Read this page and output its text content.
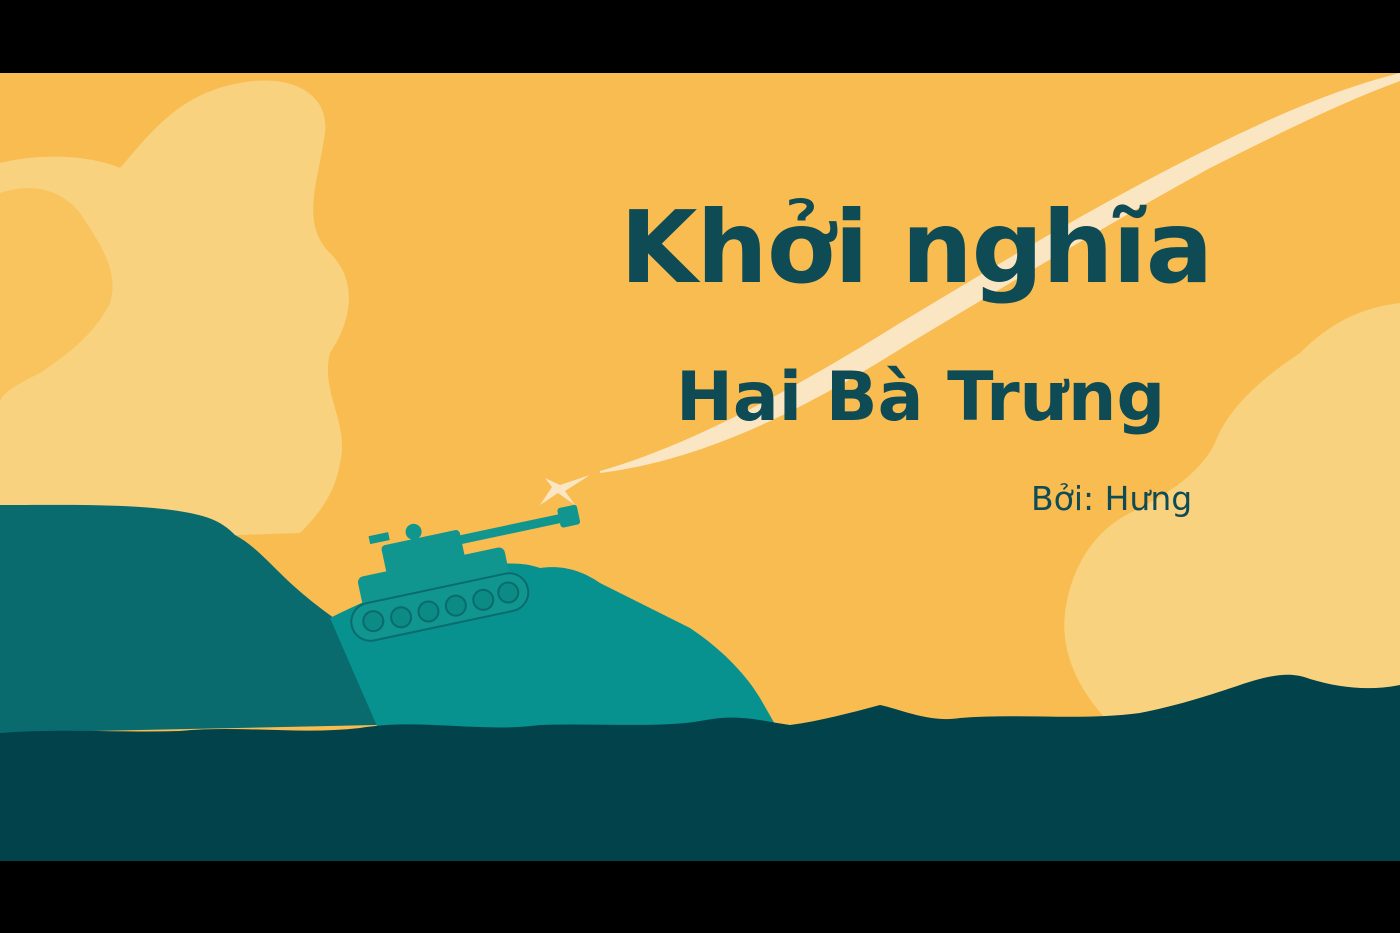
Khởi nghĩa
Hai Bà Trưng
Bởi: Hưng
